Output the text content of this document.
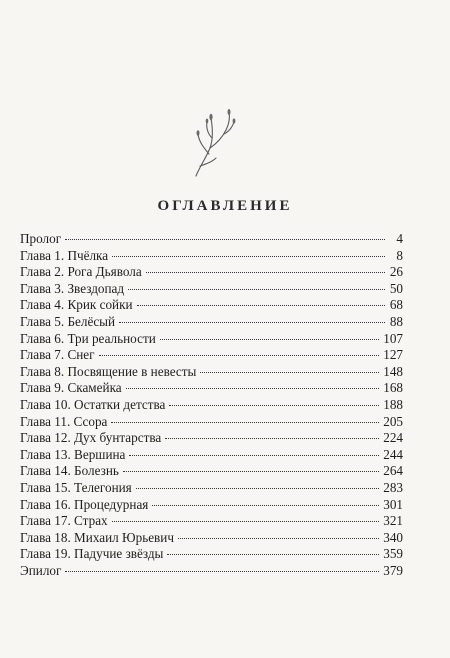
ОГЛАВЛЕНИЕ
Пролог	4
Глава 1. Пчёлка	8
Глава 2. Рога Дьявола	26
Глава 3. Звездопад	50
Глава 4. Крик сойки	68
Глава 5. Белёсый	88
Глава 6. Три реальности	107
Глава 7. Снег	127
Глава 8. Посвящение в невесты	148
Глава 9. Скамейка	168
Глава 10. Остатки детства	188
Глава 11. Ссора	205
Глава 12. Дух бунтарства	224
Глава 13. Вершина	244
Глава 14. Болезнь	264
Глава 15. Телегония	283
Глава 16. Процедурная	301
Глава 17. Страх	321
Глава 18. Михаил Юрьевич	340
Глава 19. Падучие звёзды	359
Эпилог	379
